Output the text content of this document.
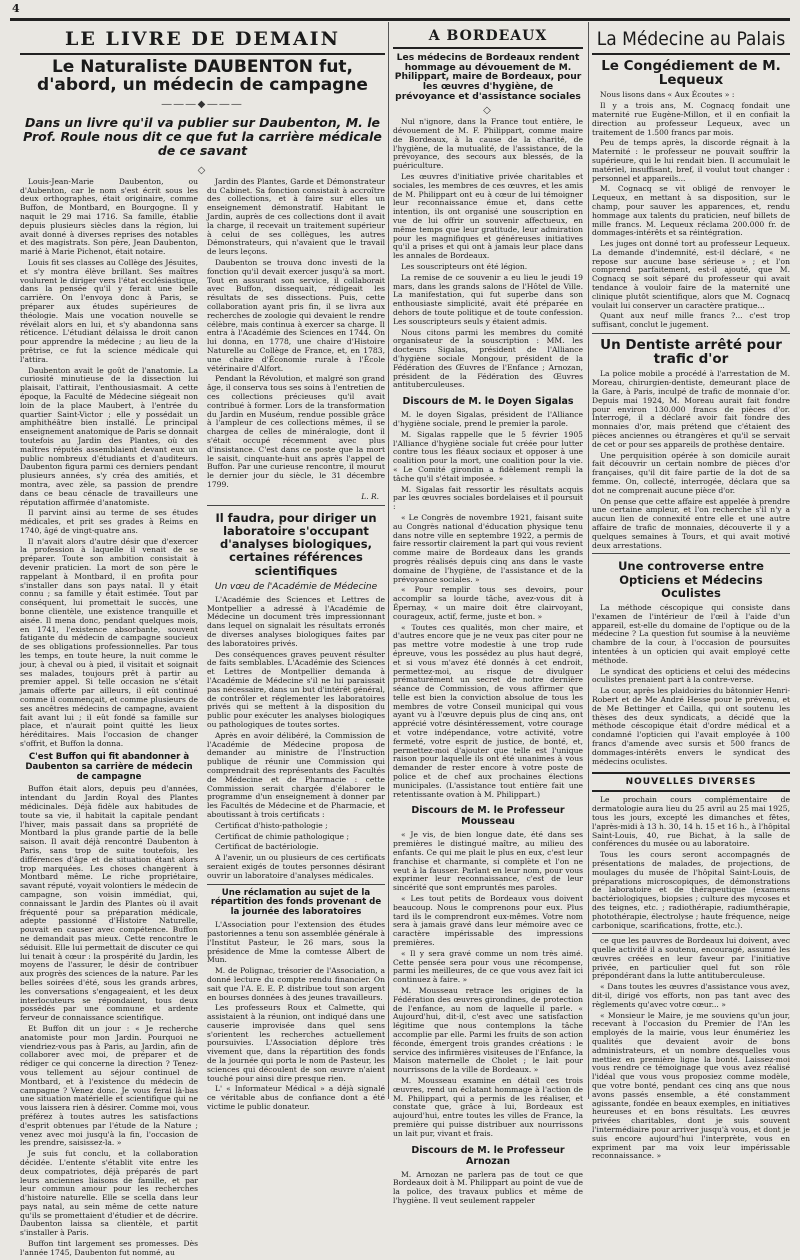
4
LE LIVRE DE DEMAIN
Le Naturaliste DAUBENTON fut, d'abord, un médecin de campagne
―――◆―――
Dans un livre qu'il va publier sur Daubenton, M. le Prof. Roule nous dit ce que fut la carrière médicale de ce savant
◇

Louis-Jean-Marie Daubenton, ou d'Aubenton, car le nom s'est écrit sous les deux orthographes, était originaire, comme Buffon, de Montbard, en Bourgogne. Il y naquit le 29 mai 1716. Sa famille, établie depuis plusieurs siècles dans la région, lui avait donné à diverses reprises des notables et des magistrats. Son père, Jean Daubenton, marié à Marie Pichenot, était notaire.

Louis fit ses classes au Collège des Jésuites, et s'y montra élève brillant. Ses maîtres voulurent le diriger vers l'état ecclésiastique, dans la pensée qu'il y ferait une belle carrière. On l'envoya donc à Paris, se préparer aux études supérieures de théologie. Mais une vocation nouvelle se révélait alors en lui, et s'y abandonna sans réticence. L'étudiant délaissa le droit canon pour apprendre la médecine ; au lieu de la prêtrise, ce fut la science médicale qui l'attira.

Daubenton avait le goût de l'anatomie. La curiosité minutieuse de la dissection lui plaisait, l'attirait, l'enthousiasmait. A cette époque, la Faculté de Médecine siégeait non loin de la place Maubert, à l'entrée du quartier Saint-Victor ; elle y possédait un amphithéâtre bien installé. Le principal enseignement anatomique de Paris se donnait toutefois au Jardin des Plantes, où des maîtres réputés assemblaient devant eux un public nombreux d'étudiants et d'auditeurs. Daubenton figura parmi ces derniers pendant plusieurs années, s'y créa des amitiés, et montra, avec zèle, sa passion de prendre dans ce beau cénacle de travailleurs une réputation affirmée d'anatomiste.

Il parvint ainsi au terme de ses études médicales, et prit ses grades à Reims en 1740, âgé de vingt-quatre ans.

Il n'avait alors d'autre désir que d'exercer la profession à laquelle il venait de se préparer. Toute son ambition consistait à devenir praticien. La mort de son père le rappelant à Montbard, il en profita pour s'installer dans son pays natal. Il y était connu ; sa famille y était estimée. Tout par conséquent, lui promettait le succès, une bonne clientèle, une existence tranquille et aisée. Il mena donc, pendant quelques mois, en 1741, l'existence absorbante, souvent fatigante du médecin de campagne soucieux de ses obligations professionnelles. Par tous les temps, en toute heure, la nuit comme le jour, à cheval ou à pied, il visitait et soignait ses malades, toujours prêt à partir au premier appel. Si telle occasion ne s'était jamais offerte par ailleurs, il eût continué comme il commençait, et comme plusieurs de ses ancêtres médecins de campagne, avaient fait avant lui ; il eût fondé sa famille sur place, et n'aurait point quitté les lieux héréditaires. Mais l'occasion de changer s'offrit, et Buffon la donna.

C'est Buffon qui fit abandonner à Daubenton sa carrière de médecin de campagne

Buffon était alors, depuis peu d'années, intendant du Jardin Royal des Plantes médicinales. Déjà fidèle aux habitudes de toute sa vie, il habitait la capitale pendant l'hiver, mais passait dans sa propriété de Montbard la plus grande partie de la belle saison. Il avait déjà rencontré Daubenton à Paris, sans trop de suite toutefois, les différences d'âge et de situation étant alors trop marquées. Les choses changèrent à Montbard même. Le riche propriétaire, savant réputé, voyait volontiers le médecin de campagne, son voisin immédiat, qui, connaissant le Jardin des Plantes où il avait fréquenté pour sa préparation médicale, adepte passionné d'Histoire Naturelle, pouvait en causer avec compétence. Buffon ne demandait pas mieux. Cette rencontre le séduisit. Elle lui permettait de discuter ce qui lui tenait à cœur : la prospérité du Jardin, les moyens de l'assurer, le désir de contribuer aux progrès des sciences de la nature. Par les belles soirées d'été, sous les grands arbres, les conversations s'engageaient, et les deux interlocuteurs se répondaient, tous deux possédés par une commune et ardente ferveur de connaissance scientifique.

Et Buffon dit un jour : « Je recherche anatomiste pour mon Jardin. Pourquoi ne viendriez-vous pas à Paris, au Jardin, afin de collaborer avec moi, de préparer et de rédiger ce qui concerne la direction ? Tenez-vous tellement au séjour continuel de Montbard, et à l'existence du médecin de campagne ? Venez donc. Je vous ferai là-bas une situation matérielle et scientifique qui ne vous laissera rien à désirer. Comme moi, vous préférez à toutes autres les satisfactions d'esprit obtenues par l'étude de la Nature ; venez avec moi jusqu'à la fin, l'occasion de les prendre, saisissez-la. »

Je suis fut conclu, et la collaboration décidée. L'entente s'établit vite entre les deux compatriotes, déjà préparés de part leurs anciennes liaisons de famille, et par leur commun amour pour les recherches d'histoire naturelle. Elle se scella dans leur pays natal, au sein même de cette nature qu'ils se promettaient d'étudier et de décrire. Daubenton laissa sa clientèle, et partit s'installer à Paris.

Buffon tint largement ses promesses. Dès l'année 1745, Daubenton fut nommé, au

Jardin des Plantes, Garde et Démonstrateur du Cabinet. Sa fonction consistait à accroître des collections, et à faire sur elles un enseignement démonstratif. Habitant le Jardin, auprès de ces collections dont il avait la charge, il recevait un traitement supérieur à celui de ses collègues, les autres Démonstrateurs, qui n'avaient que le travail de leurs leçons.

Daubenton se trouva donc investi de la fonction qu'il devait exercer jusqu'à sa mort. Tout en assurant son service, il collaborait avec Buffon, dissequait, rédigeait les résultats de ses dissections. Puis, cette collaboration ayant pris fin, il se livra aux recherches de zoologie qui devaient le rendre célèbre, mais continua à exercer sa charge. Il entra à l'Académie des Sciences en 1744. On lui donna, en 1778, une chaire d'Histoire Naturelle au Collège de France, et, en 1783, une chaire d'Économie rurale à l'École vétérinaire d'Alfort.

Pendant la Révolution, et malgré son grand âge, il conserva tous ses soins à l'entretien de ces collections précieuses qu'il avait contribué à former. Lors de la transformation du Jardin en Muséum, rendue possible grâce à l'ampleur de ces collections mêmes, il se chargea de celles de minéralogie, dont il s'était occupé récemment avec plus d'insistance. C'est dans ce poste que la mort le saisit, cinquante-huit ans après l'appel de Buffon. Par une curieuse rencontre, il mourut le dernier jour du siècle, le 31 décembre 1799.

L. R.
Il faudra, pour diriger un laboratoire s'occupant d'analyses biologiques, certaines références scientifiques
Un vœu de l'Académie de Médecine

L'Académie des Sciences et Lettres de Montpellier a adressé à l'Académie de Médecine un document très impressionnant dans lequel on signalait les résultats erronés de diverses analyses biologiques faites par des laboratoires privés.

Des conséquences graves peuvent résulter de faits semblables. L'Académie des Sciences et Lettres de Montpellier demanda à l'Académie de Médecine s'il ne lui paraissait pas nécessaire, dans un but d'intérêt général, de contrôler et réglementer les laboratoires privés qui se mettent à la disposition du public pour exécuter les analyses biologiques ou pathologiques de toutes sortes.

Après en avoir délibéré, la Commission de l'Académie de Médecine proposa de demander au ministre de l'Instruction publique de réunir une Commission qui comprendrait des représentants des Facultés de Médecine et de Pharmacie : cette Commission serait chargée d'élaborer le programme d'un enseignement à donner par les Facultés de Médecine et de Pharmacie, et aboutissant à trois certificats :

Certificat d'histo-pathologie ;

Certificat de chimie pathologique ;

Certificat de bactériologie.

A l'avenir, un ou plusieurs de ces certificats seraient exigés de toutes personnes désirant ouvrir un laboratoire d'analyses médicales.

Une réclamation au sujet de la répartition des fonds provenant de la journée des laboratoires

L'Association pour l'extension des études pastoriennes a tenu son assemblée générale à l'Institut Pasteur, le 26 mars, sous la présidence de Mme la comtesse Albert de Mun.

M. de Polignac, trésorier de l'Association, a donné lecture du compte rendu financier. On sait que l'A. E. E. P. distribue tout son argent en bourses données à des jeunes travailleurs.

Les professeurs Roux et Calmette, qui assistaient à la réunion, ont indiqué dans une causerie improvisée dans quel sens s'orientent les recherches actuellement poursuivies. L'Association déplore très vivement que, dans la répartition des fonds de la journée qui porta le nom de Pasteur, les sciences qui découlent de son œuvre n'aient touché pour ainsi dire presque rien.

L' « Informateur Médical » a déjà signalé ce véritable abus de confiance dont a été victime le public donateur.

A BORDEAUX
Les médecins de Bordeaux rendent hommage au dévouement de M. Philippart, maire de Bordeaux, pour les œuvres d'hygiène, de prévoyance et d'assistance sociales
◇

Nul n'ignore, dans la France tout entière, le dévouement de M. F. Philippart, comme maire de Bordeaux, à la cause de la charité, de l'hygiène, de la mutualité, de l'assistance, de la prévoyance, des secours aux blessés, de la puériculture.

Les œuvres d'initiative privée charitables et sociales, les membres de ces œuvres, et les amis de M. Philippart ont eu à cœur de lui témoigner leur reconnaissance émue et, dans cette intention, ils ont organisé une souscription en vue de lui offrir un souvenir affectueux, en même temps que leur gratitude, leur admiration pour les magnifiques et généreuses initiatives qu'il a prises et qui ont à jamais leur place dans les annales de Bordeaux.

Les souscripteurs ont été légion.

La remise de ce souvenir a eu lieu le jeudi 19 mars, dans les grands salons de l'Hôtel de Ville. La manifestation, qui fut superbe dans son enthousiaste simplicité, avait été préparée en dehors de toute politique et de toute confession. Les souscripteurs seuls y étaient admis.

Nous citons parmi les membres du comité organisateur de la souscription : MM. les docteurs Sigalas, président de l'Alliance d'hygiène sociale Mongour, président de la Fédération des Œuvres de l'Enfance ; Arnozan, président de la Fédération des Œuvres antituberculeuses.

Discours de M. le Doyen Sigalas

M. le doyen Sigalas, président de l'Alliance d'hygiène sociale, prend le premier la parole.

M. Sigalas rappelle que le 5 février 1905 l'Alliance d'hygiène sociale fut créée pour lutter contre tous les fléaux sociaux et opposer à une coalition pour la mort, une coalition pour la vie. « Le Comité girondin a fidèlement rempli la tâche qu'il s'était imposée. »

M. Sigalas fait ressortir les résultats acquis par les œuvres sociales bordelaises et il poursuit :

« Le Congrès de novembre 1921, faisant suite au Congrès national d'éducation physique tenu dans notre ville en septembre 1922, a permis de faire ressortir clairement la part qui vous revient comme maire de Bordeaux dans les grands progrès réalisés depuis cinq ans dans le vaste domaine de l'hygiène, de l'assistance et de la prévoyance sociales. »

« Pour remplir tous ses devoirs, pour accomplir sa lourde tâche, avez-vous dit à Épernay, « un maire doit être clairvoyant, courageux, actif, ferme, juste et bon. »

« Toutes ces qualités, mon cher maire, et d'autres encore que je ne veux pas citer pour ne pas mettre votre modestie à une trop rude épreuve, vous les possédez au plus haut degré, et si vous m'avez été donnés à cet endroit, permettez-moi, au risque de divulguer prématurément un secret de notre dernière séance de Commission, de vous affirmer que telle est bien la conviction absolue de tous les membres de votre Conseil municipal qui vous ayant vu à l'œuvre depuis plus de cinq ans, ont apprécié votre désintéressement, votre courage et votre indépendance, votre activité, votre fermeté, votre esprit de justice, de bonté, et, permettez-moi d'ajouter que telle est l'unique raison pour laquelle ils ont été unanimes à vous demander de rester encore à votre poste de police et de chef aux prochaines élections municipales. (L'assistance tout entière fait une retentissante ovation à M. Philippart.)

Discours de M. le Professeur Mousseau

« Je vis, de bien longue date, été dans ses premières le distingué maître, au milieu des enfants. Ce qui me plait le plus en eux, c'est leur franchise et charmante, si complète et l'on ne veut à la fausser. Parlant en leur nom, pour vous exprimer leur reconnaissance, c'est de leur sincérité que sont empruntés mes paroles.

« Les tout petits de Bordeaux vous doivent beaucoup. Nous le comprenons pour eux. Plus tard ils le comprendront eux-mêmes. Votre nom sera à jamais gravé dans leur mémoire avec ce caractère impérissable des impressions premières.

« Il y sera gravé comme un nom très aimé. Cette pensée sera pour vous une récompense, parmi les meilleures, de ce que vous avez fait ici continuez à faire. »

M. Mousseau retrace les origines de la Fédération des œuvres girondines, de protection de l'enfance, au nom de laquelle il parle. « Aujourd'hui, dit-il, c'est avec une satisfaction légitime que nous contemplons la tâche accomplie par elle. Parmi les fruits de son action féconde, émergent trois grandes créations : le service des infirmières visiteuses de l'Enfance, la Maison maternelle de Cholet ; le lait pour nourrissons de la ville de Bordeaux. »

M. Mousseau examine en détail ces trois œuvres, rend un éclatant hommage à l'action de M. Philippart, qui a permis de les réaliser, et constate que, grâce à lui, Bordeaux est aujourd'hui, entre toutes les villes de France, la première qui puisse distribuer aux nourrissons un lait pur, vivant et frais.

Discours de M. le Professeur Arnozan

M. Arnozan ne parlera pas de tout ce que Bordeaux doit à M. Philippart au point de vue de la police, des travaux publics et même de l'hygiène. Il veut seulement rappeler

La Médecine au Palais
Le Congédiement de M. Lequeux

Nous lisons dans « Aux Écoutes » :

Il y a trois ans, M. Cognacq fondait une maternité rue Eugène-Millon, et il en confiait la direction au professeur Lequeux, avec un traitement de 1.500 francs par mois.

Peu de temps après, la discorde régnait à la Maternité : le professeur ne pouvait souffrir la supérieure, qui le lui rendait bien. Il accumulait le matériel, insuffisant, bref, il voulut tout changer : personnel et appareils...

M. Cognacq se vit obligé de renvoyer le Lequeux, en mettant à sa disposition, sur le champ, pour sauver les apparences, et, rendu hommage aux talents du praticien, neuf billets de mille francs. M. Lequeux réclama 200.000 fr. de dommages-intérêts et sa réintégration.

Les juges ont donné tort au professeur Lequeux. La demande d'indemnité, est-il déclaré, « ne repose sur aucune base sérieuse » ; et l'on comprend parfaitement, est-il ajouté, que M. Cognacq se soit séparé du professeur qui avait tendance à vouloir faire de la maternité une clinique plutôt scientifique, alors que M. Cognacq voulait lui conserver un caractère pratique...

Quant aux neuf mille francs ?... c'est trop suffisant, conclut le jugement.

Un Dentiste arrêté pour trafic d'or

La police mobile a procédé à l'arrestation de M. Moreau, chirurgien-dentiste, demeurant place de la Gare, à Paris, inculpé de trafic de monnaie d'or. Depuis mai 1924, M. Moreau aurait fait fondre pour environ 130.000 francs de pièces d'or. Interrogé, il a déclaré avoir fait fondre des monnaies d'or, mais prétend que c'étaient des pièces anciennes ou étrangères et qu'il se servait de cet or pour ses appareils de prothèse dentaire.

Une perquisition opérée à son domicile aurait fait découvrir un certain nombre de pièces d'or françaises, qu'il dit faire partie de la dot de sa femme. On, collecté, interrogée, déclara que sa dot ne comprenait aucune pièce d'or.

On pense que cette affaire est appelée à prendre une certaine ampleur, et l'on recherche s'il n'y a aucun lien de connexité entre elle et une autre affaire de trafic de monnaies, découverte il y a quelques semaines à Tours, et qui avait motivé deux arrestations.

Une controverse entre Opticiens et Médecins Oculistes

La méthode céscopique qui consiste dans l'examen de l'intérieur de l'œil à l'aide d'un appareil, est-elle du domaine de l'optique ou de la médecine ? La question fut soumise à la neuvième chambre de la cour, à l'occasion de poursuites intentées à un opticien qui avait employé cette méthode.

Le syndicat des opticiens et celui des médecins oculistes prenaient part à la contre-verse.

La cour, après les plaidoiries du bâtonnier Henri-Robert et de Me André Hesse pour le prévenu, et de Me Bettinger et Cailla, qui ont soutenu les thèses des deux syndicats, a décidé que la méthode céscopique était d'ordre médical et a condamné l'opticien qui l'avait employée à 100 francs d'amende avec sursis et 500 francs de dommages-intérêts envers le syndicat des médecins oculistes.

NOUVELLES DIVERSES

Le prochain cours complémentaire de dermatologie aura lieu du 25 avril au 25 mai 1925, tous les jours, excepté les dimanches et fêtes, l'après-midi à 13 h. 30, 14 h. 15 et 16 h., à l'hôpital Saint-Louis, 40, rue Bichat, à la salle de conférences du musée ou au laboratoire.

Tous les cours seront accompagnés de présentations de malades, de projections, de moulages du musée de l'hôpital Saint-Louis, de préparations microscopiques, de démonstrations de laboratoire et de thérapeutique (examens bactériologiques, biopsies ; culture des mycoses et des teignes, etc. ; radiothérapie, radiumthérapie, photothérapie, électrolyse ; haute fréquence, neige carbonique, scarifications, frotte, etc.).

ce que les pauvres de Bordeaux lui doivent, avec quelle activité il a soutenu, encouragé, assumé les œuvres créées en leur faveur par l'initiative privée, en particulier quel fut son rôle prépondérant dans la lutte antituberculeuse.

« Dans toutes les œuvres d'assistance vous avez, dit-il, dirigé vos efforts, non pas tant avec des règlements qu'avec votre cœur... »

« Monsieur le Maire, je me souviens qu'un jour, recevant à l'occasion du Premier de l'An les employés de la mairie, vous leur énumériez les qualités que devaient avoir de bons administrateurs, et un nombre desquelles vous mettiez en première ligne la bonté. Laissez-moi vous rendre ce témoignage que vous avez réalisé l'idéal que vous vous proposiez comme modèle, que votre bonté, pendant ces cinq ans que nous avons passés ensemble, a été constamment agissante, fondée en beaux exemples, en initiatives heureuses et en bons résultats. Les œuvres privées charitables, dont je suis souvent l'intermédiaire pour arriver jusqu'à vous, et dont je suis encore aujourd'hui l'interprète, vous en expriment par ma voix leur impérissable reconnaissance. »
